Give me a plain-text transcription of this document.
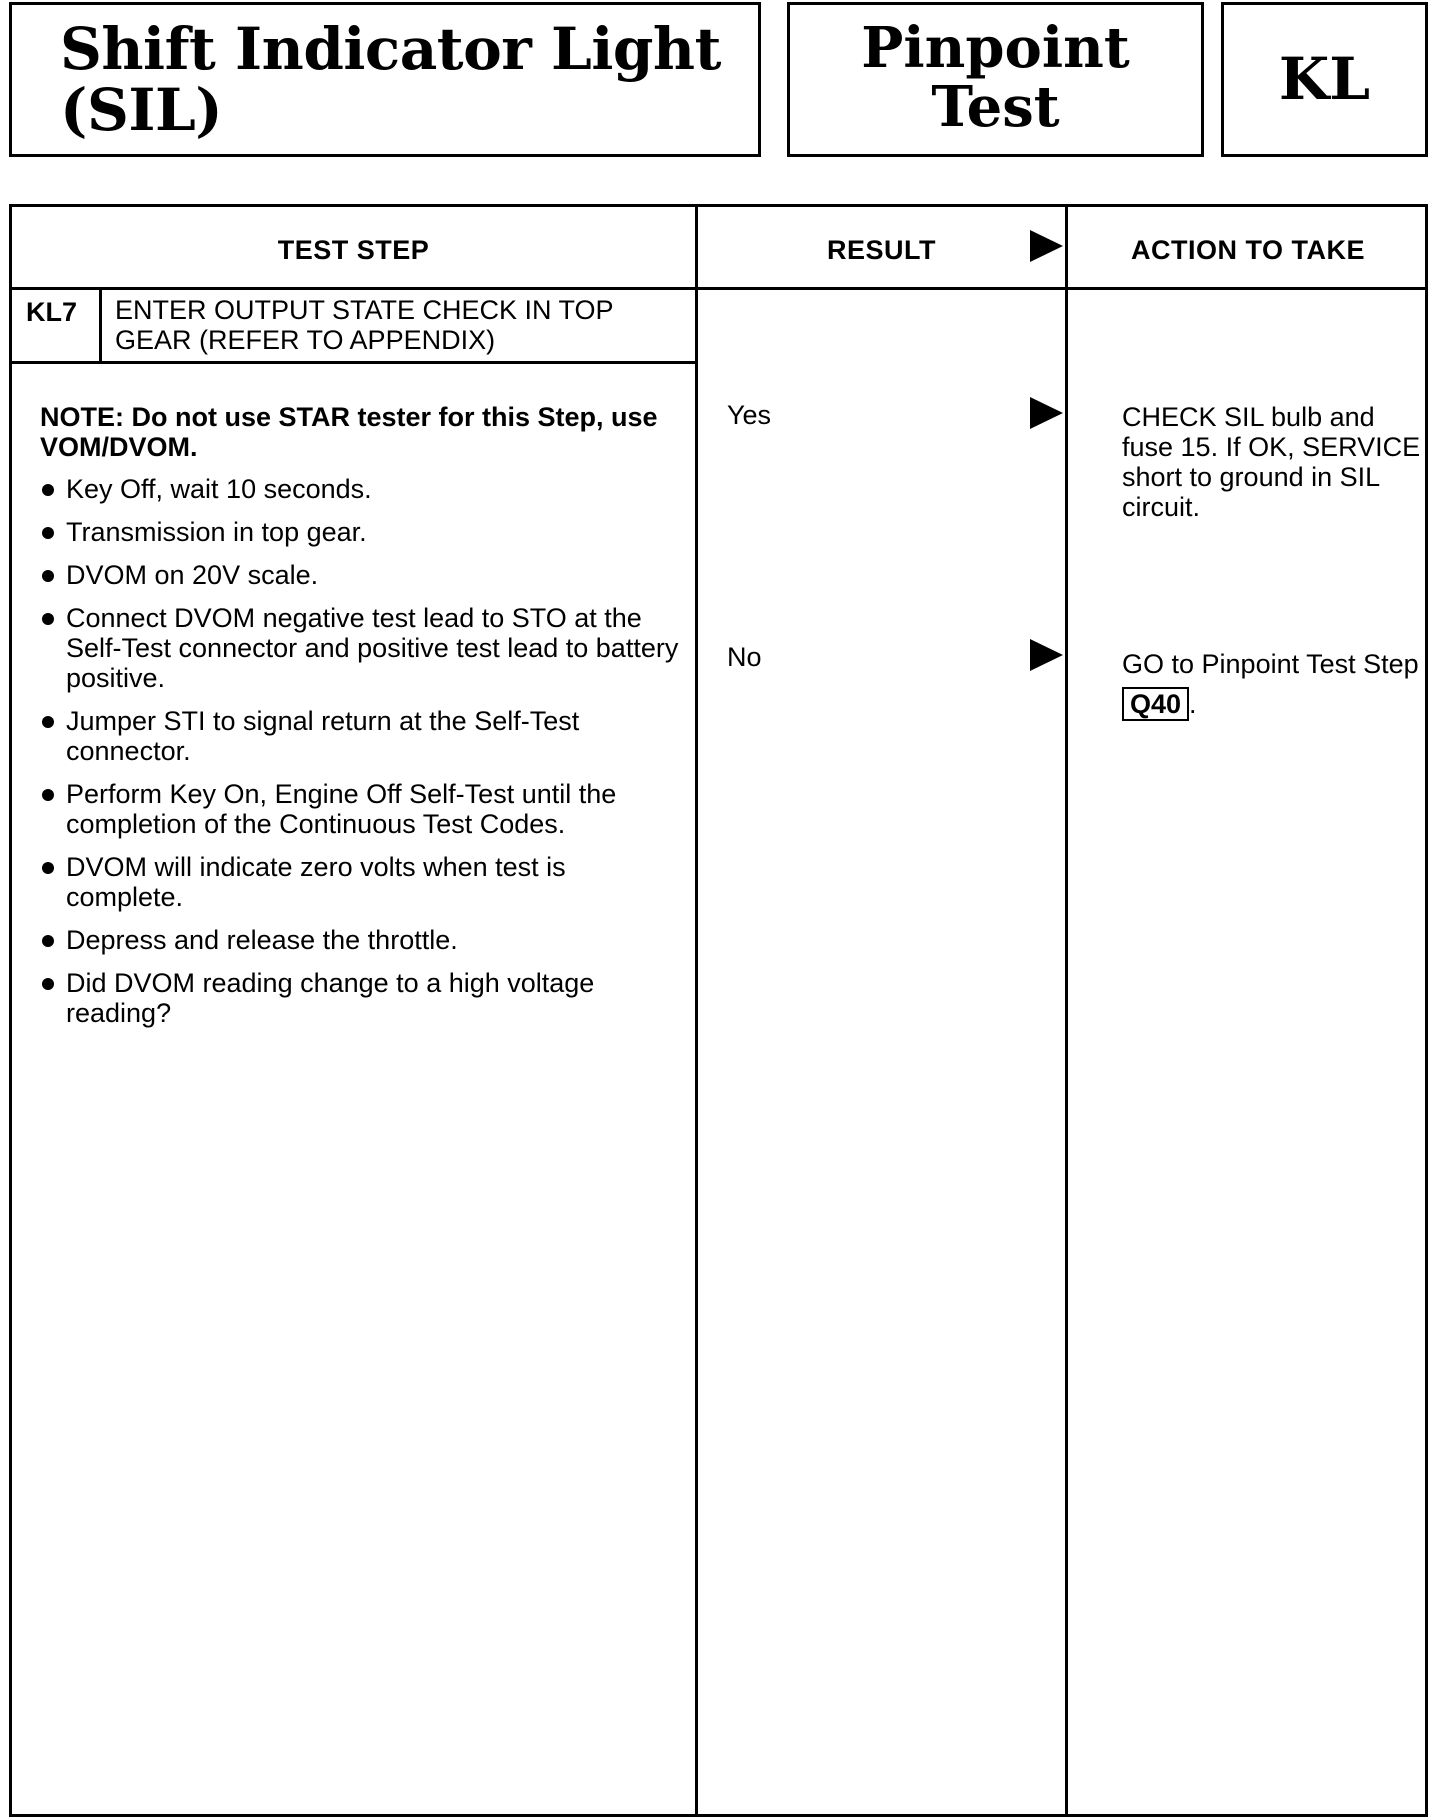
Shift Indicator Light
(SIL)
Pinpoint
Test	KL
TEST STEP	RESULT	ACTION TO TAKE
KL7 ENTER OUTPUT STATE CHECK IN TOP GEAR (REFER TO APPENDIX)

NOTE: Do not use STAR tester for this Step, use VOM/DVOM.

Key Off, wait 10 seconds.
Transmission in top gear.
DVOM on 20V scale.
Connect DVOM negative test lead to STO at the Self-Test connector and positive test lead to battery positive.
Jumper STI to signal return at the Self-Test connector.
Perform Key On, Engine Off Self-Test until the completion of the Continuous Test Codes.
DVOM will indicate zero volts when test is complete.
Depress and release the throttle.
Did DVOM reading change to a high voltage reading?
Yes	CHECK SIL bulb and fuse 15. If OK, SERVICE short to ground in SIL circuit.
No	GO to Pinpoint Test Step Q40 .
